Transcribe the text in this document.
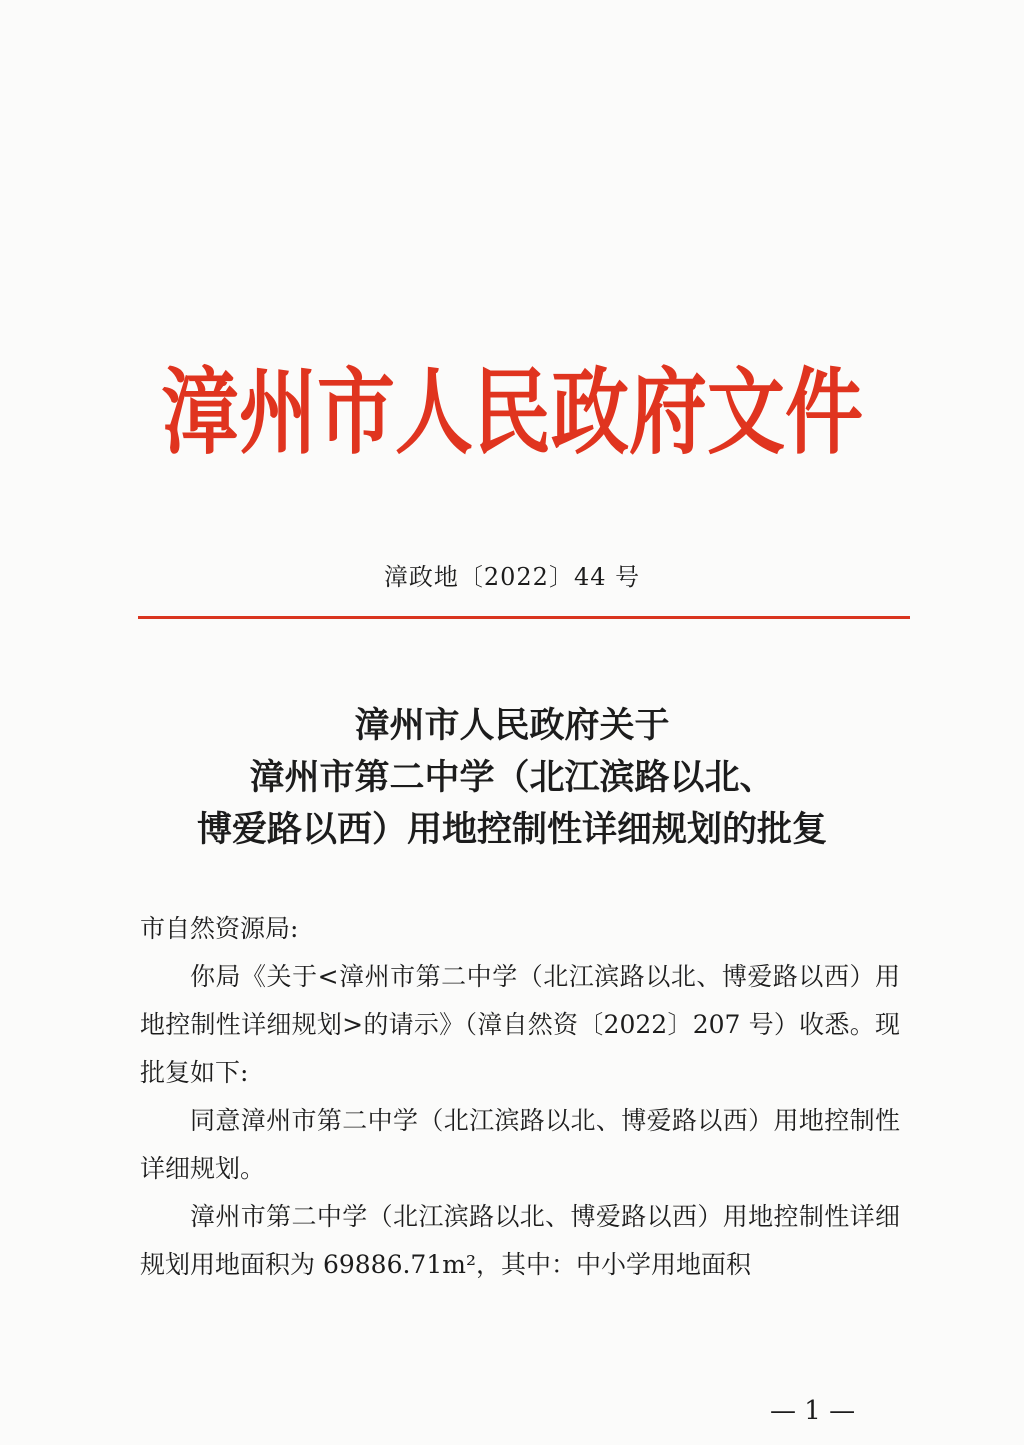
漳州市人民政府文件
漳政地〔2022〕44 号
漳州市人民政府关于
漳州市第二中学（北江滨路以北、
博爱路以西）用地控制性详细规划的批复

市自然资源局:

你局《关于<漳州市第二中学（北江滨路以北、博爱路以西）用地控制性详细规划>的请示》（漳自然资〔2022〕207 号）收悉。现批复如下:

同意漳州市第二中学（北江滨路以北、博爱路以西）用地控制性详细规划。

漳州市第二中学（北江滨路以北、博爱路以西）用地控制性详细规划用地面积为 69886.71m²，其中：中小学用地面积

— 1 —
